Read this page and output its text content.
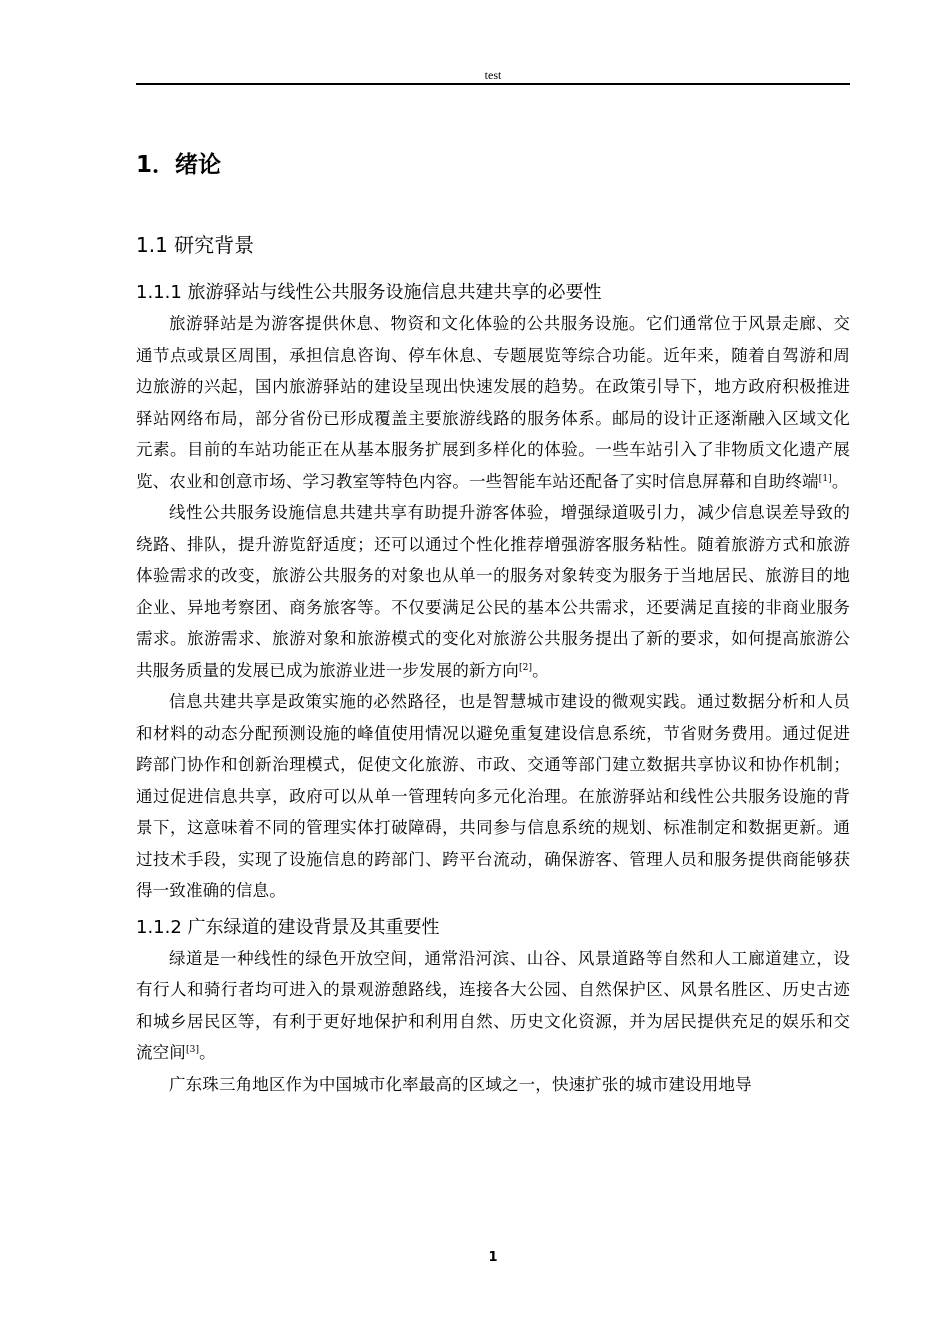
test
1．绪论
1.1 研究背景
1.1.1 旅游驿站与线性公共服务设施信息共建共享的必要性

旅游驿站是为游客提供休息、物资和文化体验的公共服务设施。它们通常位于风景走廊、交通节点或景区周围，承担信息咨询、停车休息、专题展览等综合功能。近年来，随着自驾游和周边旅游的兴起，国内旅游驿站的建设呈现出快速发展的趋势。在政策引导下，地方政府积极推进驿站网络布局，部分省份已形成覆盖主要旅游线路的服务体系。邮局的设计正逐渐融入区域文化元素。目前的车站功能正在从基本服务扩展到多样化的体验。一些车站引入了非物质文化遗产展览、农业和创意市场、学习教室等特色内容。一些智能车站还配备了实时信息屏幕和自助终端[1]。

线性公共服务设施信息共建共享有助提升游客体验，增强绿道吸引力，减少信息误差导致的绕路、排队，提升游览舒适度；还可以通过个性化推荐增强游客服务粘性。随着旅游方式和旅游体验需求的改变，旅游公共服务的对象也从单一的服务对象转变为服务于当地居民、旅游目的地企业、异地考察团、商务旅客等。不仅要满足公民的基本公共需求，还要满足直接的非商业服务需求。旅游需求、旅游对象和旅游模式的变化对旅游公共服务提出了新的要求，如何提高旅游公共服务质量的发展已成为旅游业进一步发展的新方向[2]。

信息共建共享是政策实施的必然路径，也是智慧城市建设的微观实践。通过数据分析和人员和材料的动态分配预测设施的峰值使用情况以避免重复建设信息系统，节省财务费用。通过促进跨部门协作和创新治理模式，促使文化旅游、市政、交通等部门建立数据共享协议和协作机制；通过促进信息共享，政府可以从单一管理转向多元化治理。在旅游驿站和线性公共服务设施的背景下，这意味着不同的管理实体打破障碍，共同参与信息系统的规划、标准制定和数据更新。通过技术手段，实现了设施信息的跨部门、跨平台流动，确保游客、管理人员和服务提供商能够获得一致准确的信息。

1.1.2 广东绿道的建设背景及其重要性

绿道是一种线性的绿色开放空间，通常沿河滨、山谷、风景道路等自然和人工廊道建立，设有行人和骑行者均可进入的景观游憩路线，连接各大公园、自然保护区、风景名胜区、历史古迹和城乡居民区等，有利于更好地保护和利用自然、历史文化资源，并为居民提供充足的娱乐和交流空间[3]。

广东珠三角地区作为中国城市化率最高的区域之一，快速扩张的城市建设用地导

1
